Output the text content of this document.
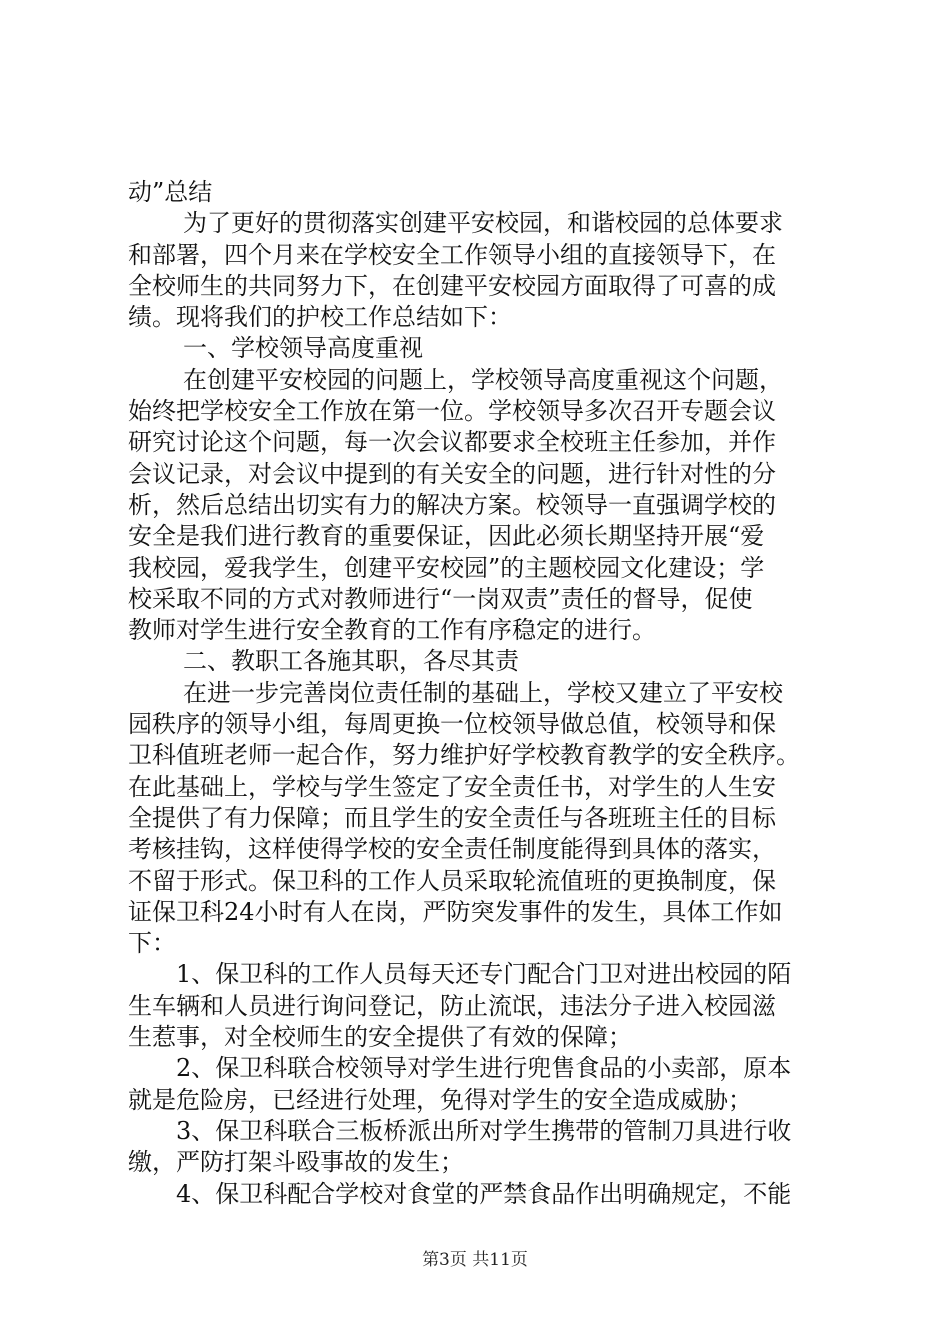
动”总结
为了更好的贯彻落实创建平安校园，和谐校园的总体要求
和部署，四个月来在学校安全工作领导小组的直接领导下，在
全校师生的共同努力下，在创建平安校园方面取得了可喜的成
绩。现将我们的护校工作总结如下：
一、学校领导高度重视
在创建平安校园的问题上，学校领导高度重视这个问题，
始终把学校安全工作放在第一位。学校领导多次召开专题会议
研究讨论这个问题，每一次会议都要求全校班主任参加，并作
会议记录，对会议中提到的有关安全的问题，进行针对性的分
析，然后总结出切实有力的解决方案。校领导一直强调学校的
安全是我们进行教育的重要保证，因此必须长期坚持开展“爱
我校园，爱我学生，创建平安校园”的主题校园文化建设；学
校采取不同的方式对教师进行“一岗双责”责任的督导，促使
教师对学生进行安全教育的工作有序稳定的进行。
二、教职工各施其职，各尽其责
在进一步完善岗位责任制的基础上，学校又建立了平安校
园秩序的领导小组，每周更换一位校领导做总值，校领导和保
卫科值班老师一起合作，努力维护好学校教育教学的安全秩序。
在此基础上，学校与学生签定了安全责任书，对学生的人生安
全提供了有力保障；而且学生的安全责任与各班班主任的目标
考核挂钩，这样使得学校的安全责任制度能得到具体的落实，
不留于形式。保卫科的工作人员采取轮流值班的更换制度，保
证保卫科24小时有人在岗，严防突发事件的发生，具体工作如
下：
1、保卫科的工作人员每天还专门配合门卫对进出校园的陌
生车辆和人员进行询问登记，防止流氓，违法分子进入校园滋
生惹事，对全校师生的安全提供了有效的保障；
2、保卫科联合校领导对学生进行兜售食品的小卖部，原本
就是危险房，已经进行处理，免得对学生的安全造成威胁；
3、保卫科联合三板桥派出所对学生携带的管制刀具进行收
缴，严防打架斗殴事故的发生；
4、保卫科配合学校对食堂的严禁食品作出明确规定，不能
第3页 共11页
